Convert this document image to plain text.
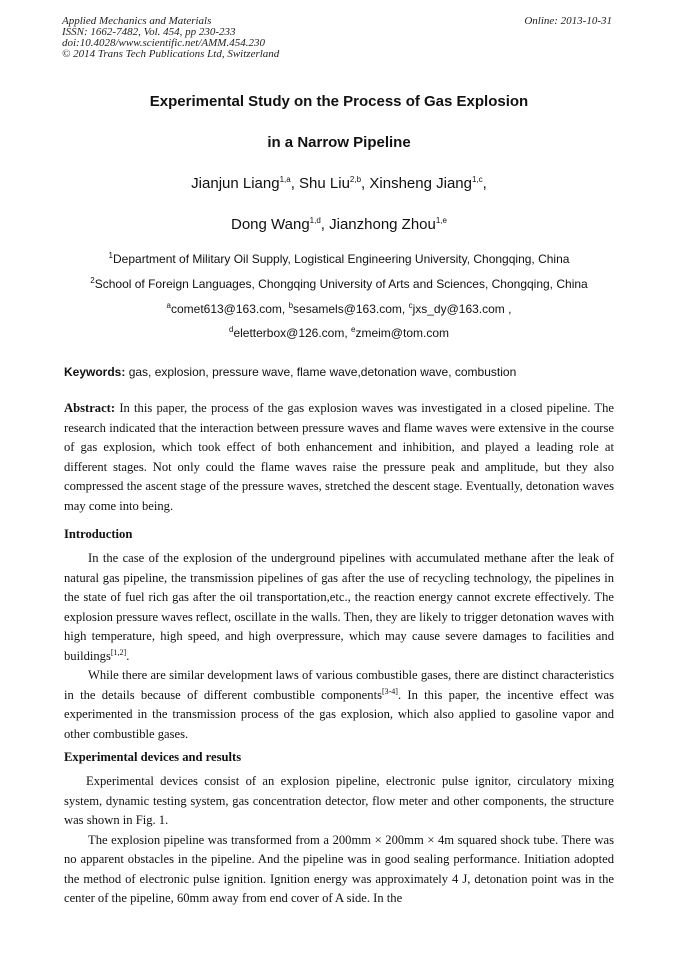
Applied Mechanics and Materials
ISSN: 1662-7482, Vol. 454, pp 230-233
doi:10.4028/www.scientific.net/AMM.454.230
© 2014 Trans Tech Publications Ltd, Switzerland
Online: 2013-10-31
Experimental Study on the Process of Gas Explosion
in a Narrow Pipeline
Jianjun Liang$^{1,a}$, Shu Liu$^{2,b}$, Xinsheng Jiang$^{1,c}$,
Dong Wang$^{1,d}$, Jianzhong Zhou$^{1,e}$
$^1$Department of Military Oil Supply, Logistical Engineering University, Chongqing, China
$^2$School of Foreign Languages, Chongqing University of Arts and Sciences, Chongqing, China
$^a$comet613@163.com, $^b$sesamels@163.com, $^c$jxs_dy@163.com ,
$^d$eletterbox@126.com, $^e$zmeim@tom.com
Keywords: gas, explosion, pressure wave, flame wave,detonation wave, combustion

Abstract: In this paper, the process of the gas explosion waves was investigated in a closed pipeline. The research indicated that the interaction between pressure waves and flame waves were extensive in the course of gas explosion, which took effect of both enhancement and inhibition, and played a leading role at different stages. Not only could the flame waves raise the pressure peak and amplitude, but they also compressed the ascent stage of the pressure waves, stretched the descent stage. Eventually, detonation waves may come into being.

Introduction

In the case of the explosion of the underground pipelines with accumulated methane after the leak of natural gas pipeline, the transmission pipelines of gas after the use of recycling technology, the pipelines in the state of fuel rich gas after the oil transportation,etc., the reaction energy cannot excrete effectively. The explosion pressure waves reflect, oscillate in the walls. Then, they are likely to trigger detonation waves with high temperature, high speed, and high overpressure, which may cause severe damages to facilities and buildings[1,2].

While there are similar development laws of various combustible gases, there are distinct characteristics in the details because of different combustible components[3-4]. In this paper, the incentive effect was experimented in the transmission process of the gas explosion, which also applied to gasoline vapor and other combustible gases.

Experimental devices and results

Experimental devices consist of an explosion pipeline, electronic pulse ignitor, circulatory mixing system, dynamic testing system, gas concentration detector, flow meter and other components, the structure was shown in Fig. 1.

The explosion pipeline was transformed from a 200mm × 200mm × 4m squared shock tube. There was no apparent obstacles in the pipeline. And the pipeline was in good sealing performance. Initiation adopted the method of electronic pulse ignition. Ignition energy was approximately 4 J, detonation point was in the center of the pipeline, 60mm away from end cover of A side. In the
